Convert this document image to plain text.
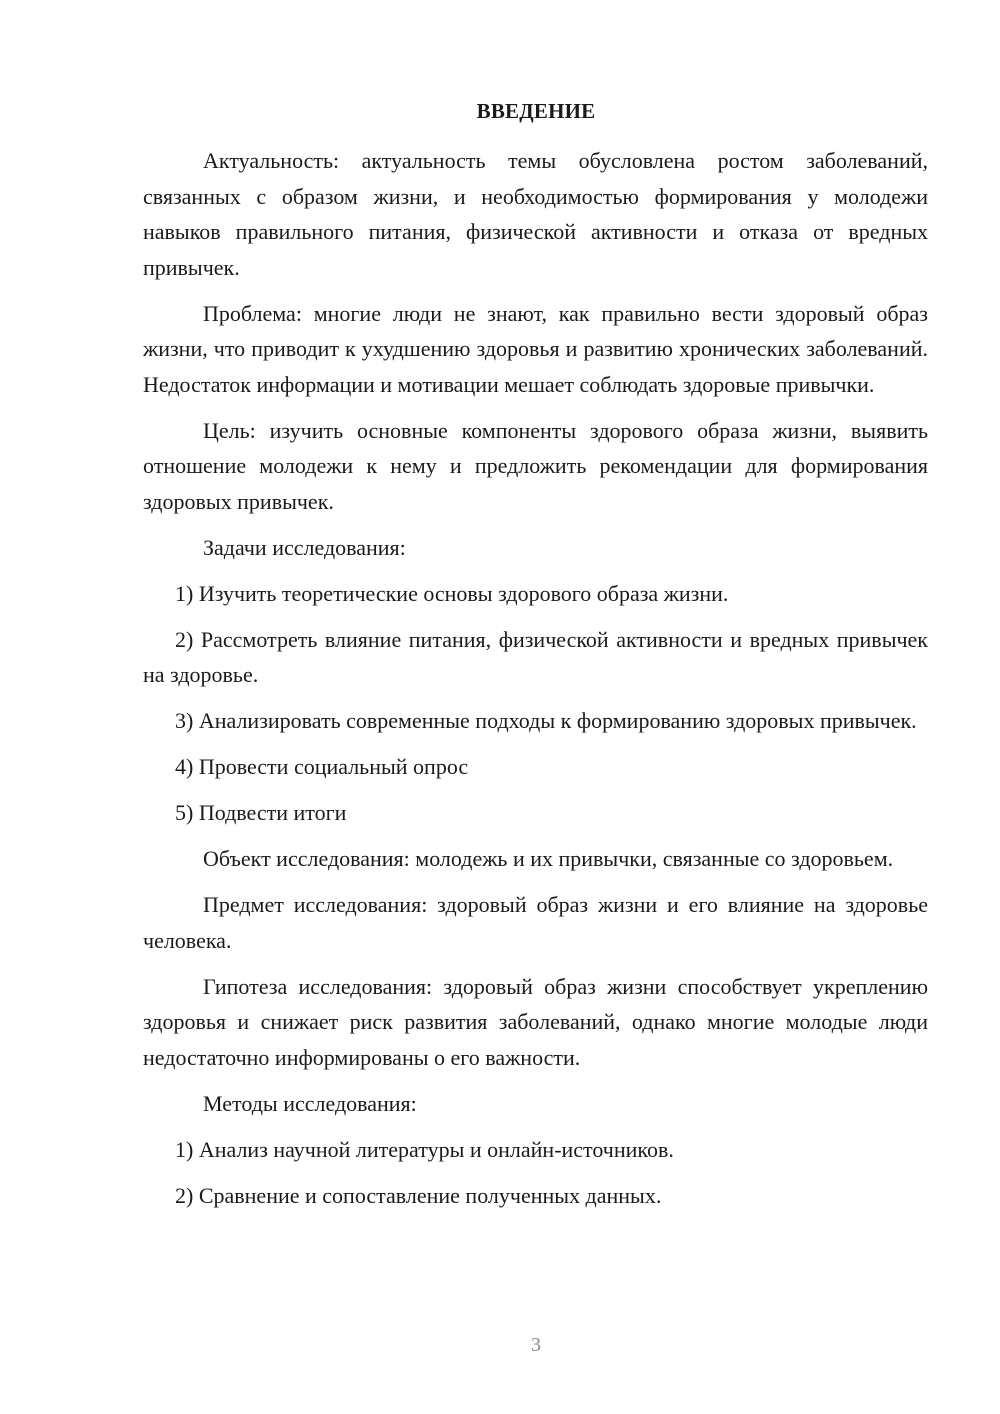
ВВЕДЕНИЕ

Актуальность: актуальность темы обусловлена ростом заболеваний, связанных с образом жизни, и необходимостью формирования у молодежи навыков правильного питания, физической активности и отказа от вредных привычек.

Проблема: многие люди не знают, как правильно вести здоровый образ жизни, что приводит к ухудшению здоровья и развитию хронических заболеваний. Недостаток информации и мотивации мешает соблюдать здоровые привычки.

Цель: изучить основные компоненты здорового образа жизни, выявить отношение молодежи к нему и предложить рекомендации для формирования здоровых привычек.

Задачи исследования:

1) Изучить теоретические основы здорового образа жизни.

2) Рассмотреть влияние питания, физической активности и вредных привычек на здоровье.

3) Анализировать современные подходы к формированию здоровых привычек.

4) Провести социальный опрос

5) Подвести итоги

Объект исследования: молодежь и их привычки, связанные со здоровьем.

Предмет исследования: здоровый образ жизни и его влияние на здоровье человека.

Гипотеза исследования: здоровый образ жизни способствует укреплению здоровья и снижает риск развития заболеваний, однако многие молодые люди недостаточно информированы о его важности.

Методы исследования:

1) Анализ научной литературы и онлайн-источников.

2) Сравнение и сопоставление полученных данных.

3
